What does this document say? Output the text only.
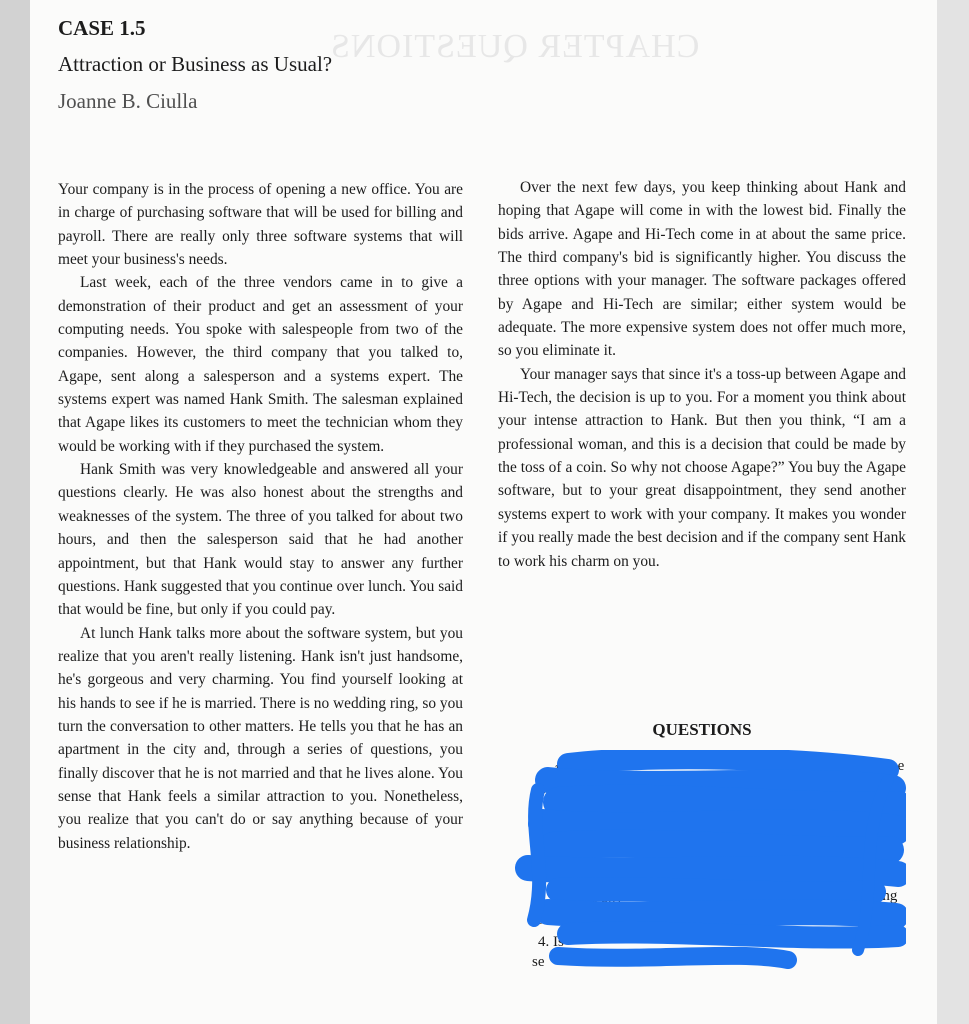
CHAPTER QUESTIONS
CASE 1.5
Attraction or Business as Usual?
Joanne B. Ciulla

Your company is in the process of opening a new office. You are in charge of purchasing software that will be used for billing and payroll. There are really only three software systems that will meet your business's needs.

Last week, each of the three vendors came in to give a demonstration of their product and get an assessment of your computing needs. You spoke with salespeople from two of the companies. However, the third company that you talked to, Agape, sent along a salesperson and a systems expert. The systems expert was named Hank Smith. The salesman explained that Agape likes its customers to meet the technician whom they would be working with if they purchased the system.

Hank Smith was very knowledgeable and answered all your questions clearly. He was also honest about the strengths and weaknesses of the system. The three of you talked for about two hours, and then the salesperson said that he had another appointment, but that Hank would stay to answer any further questions. Hank suggested that you continue over lunch. You said that would be fine, but only if you could pay.

At lunch Hank talks more about the software system, but you realize that you aren't really listening. Hank isn't just handsome, he's gorgeous and very charming. You find yourself looking at his hands to see if he is married. There is no wedding ring, so you turn the conversation to other matters. He tells you that he has an apartment in the city and, through a series of questions, you finally discover that he is not married and that he lives alone. You sense that Hank feels a similar attraction to you. Nonetheless, you realize that you can't do or say anything because of your business relationship.

Over the next few days, you keep thinking about Hank and hoping that Agape will come in with the lowest bid. Finally the bids arrive. Agape and Hi-Tech come in at about the same price. The third company's bid is significantly higher. You discuss the three options with your manager. The software packages offered by Agape and Hi-Tech are similar; either system would be adequate. The more expensive system does not offer much more, so you eliminate it.

Your manager says that since it's a toss-up between Agape and Hi-Tech, the decision is up to you. For a moment you think about your intense attraction to Hank. But then you think, “I am a professional woman, and this is a decision that could be made by the toss of a coin. So why not choose Agape?” You buy the Agape software, but to your great disappointment, they send another systems expert to work with your company. It makes you wonder if you really made the best decision and if the company sent Hank to work his charm on you.

QUESTIONS
1.
co
on
or
3. Is there any
to m
4. Is
se
the
ion
nt,
e com-
ting
le in
